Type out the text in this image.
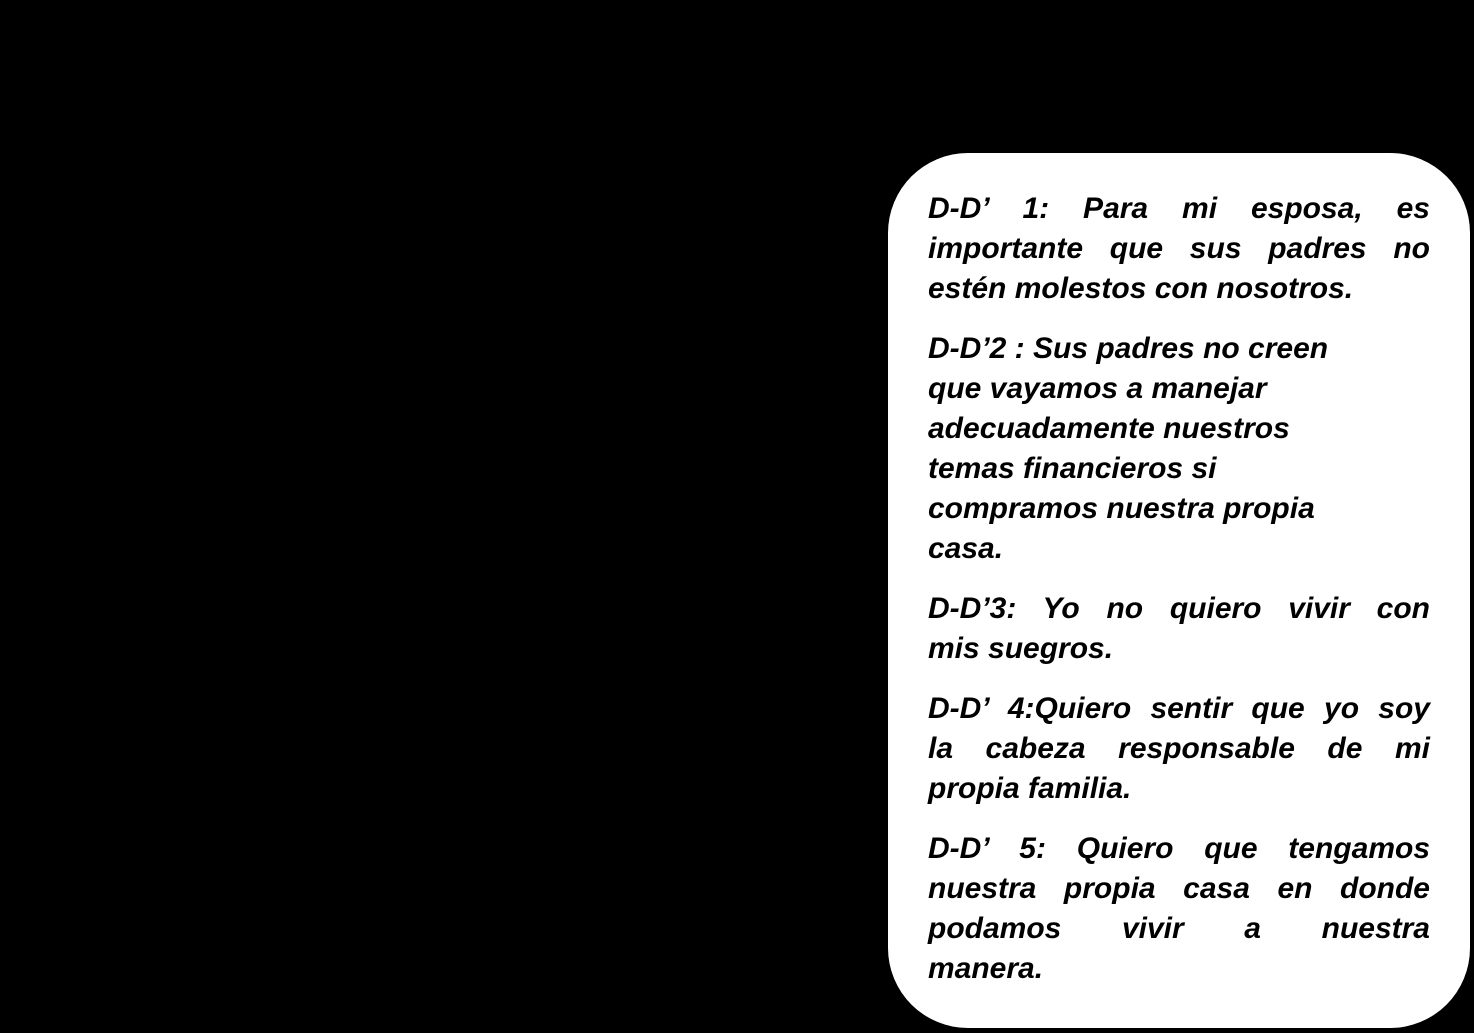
D-D’ 1: Para mi esposa, es
importante que sus padres no
estén molestos con nosotros.
D-D’2 : Sus padres no creen
que vayamos a manejar
adecuadamente nuestros
temas financieros si
compramos nuestra propia
casa.
D-D’3: Yo no quiero vivir con
mis suegros.
D-D’ 4:Quiero sentir que yo soy
la cabeza responsable de mi
propia familia.
D-D’ 5: Quiero que tengamos
nuestra propia casa en donde
podamos vivir a nuestra
manera.
